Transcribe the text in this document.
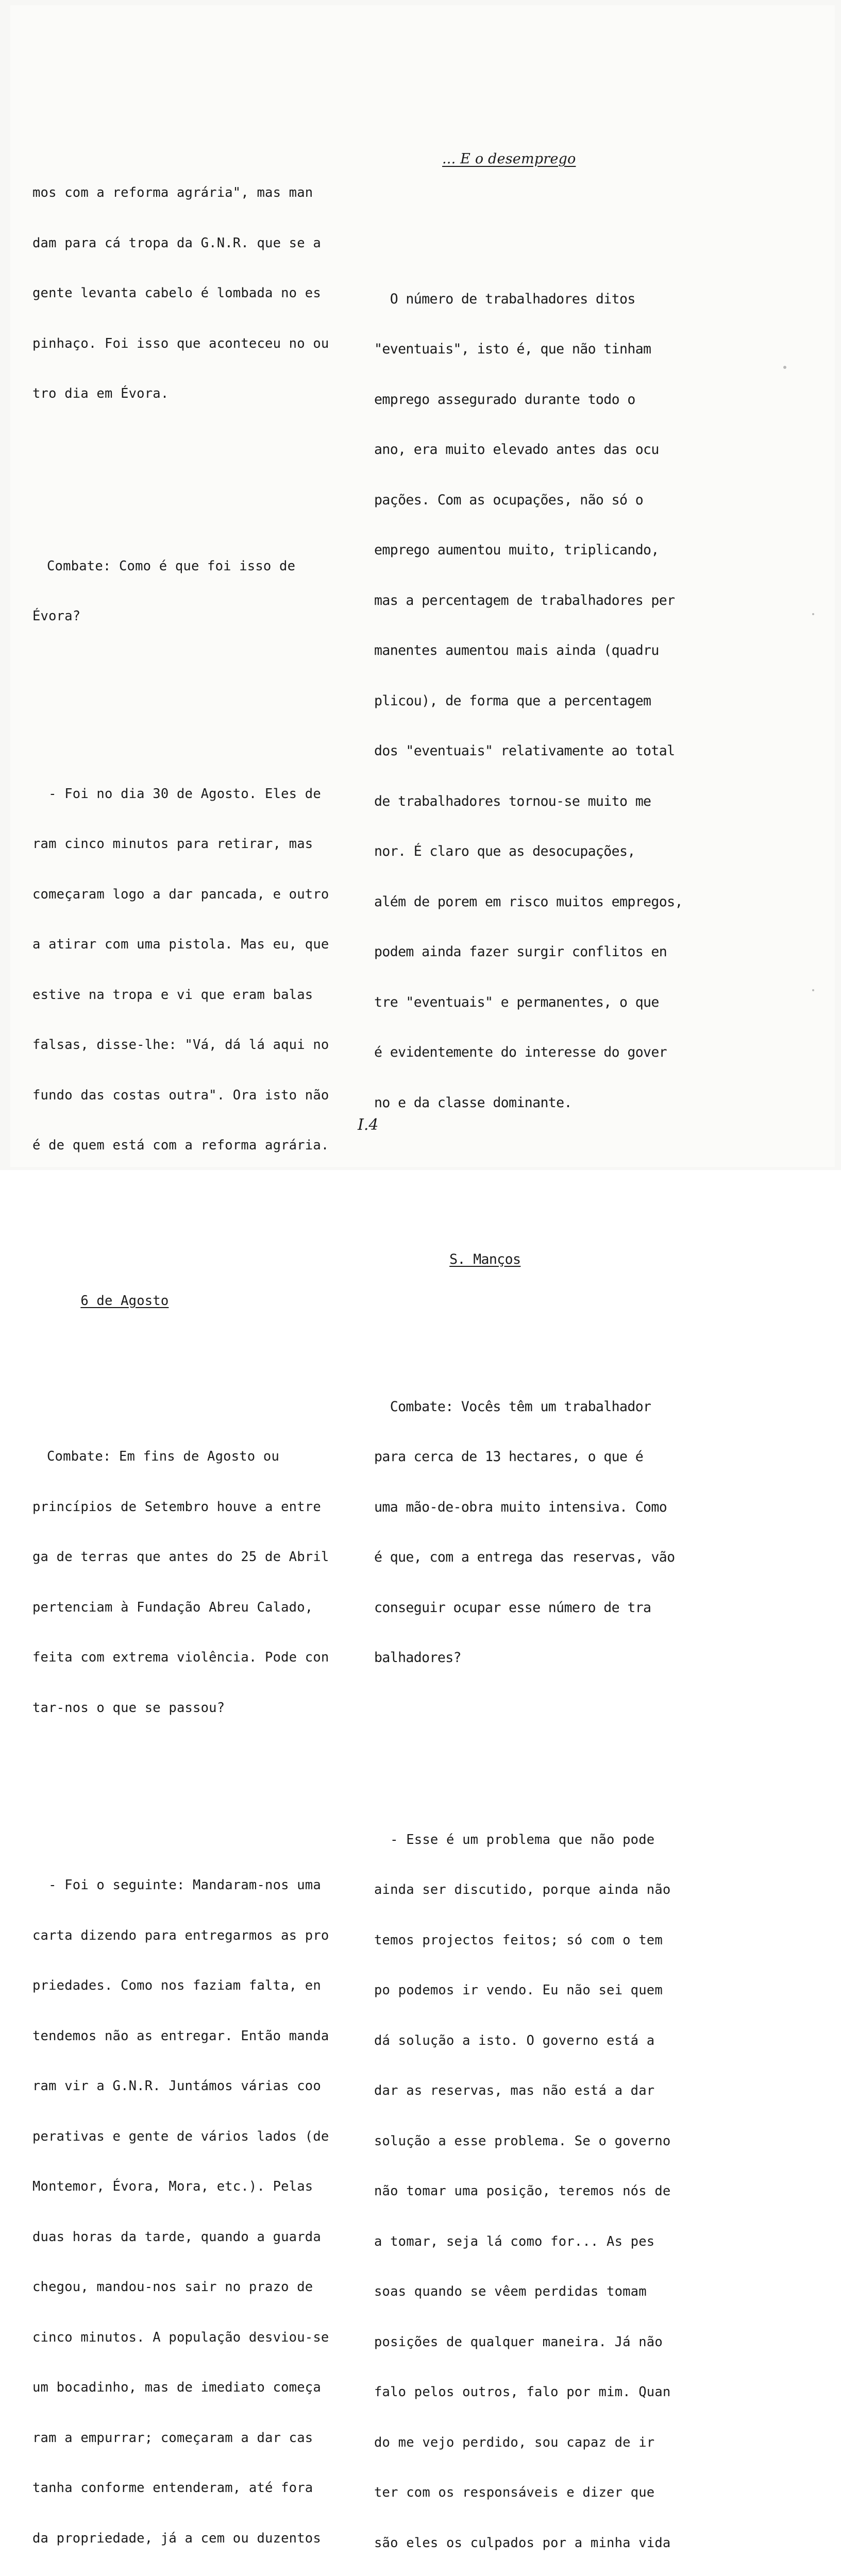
mos com a reforma agrária", mas man

dam para cá tropa da G.N.R. que se a

gente levanta cabelo é lombada no es

pinhaço. Foi isso que aconteceu no ou

tro dia em Évora.

Combate: Como é que foi isso de

Évora?

- Foi no dia 30 de Agosto. Eles de

ram cinco minutos para retirar, mas

começaram logo a dar pancada, e outro

a atirar com uma pistola. Mas eu, que

estive na tropa e vi que eram balas

falsas, disse-lhe: "Vá, dá lá aqui no

fundo das costas outra". Ora isto não

é de quem está com a reforma agrária.

6 de Agosto

Combate: Em fins de Agosto ou

princípios de Setembro houve a entre

ga de terras que antes do 25 de Abril

pertenciam à Fundação Abreu Calado,

feita com extrema violência. Pode con

tar-nos o que se passou?

- Foi o seguinte: Mandaram-nos uma

carta dizendo para entregarmos as pro

priedades. Como nos faziam falta, en

tendemos não as entregar. Então manda

ram vir a G.N.R. Juntámos várias coo

perativas e gente de vários lados (de

Montemor, Évora, Mora, etc.). Pelas

duas horas da tarde, quando a guarda

chegou, mandou-nos sair no prazo de

cinco minutos. A população desviou-se

um bocadinho, mas de imediato começa

ram a empurrar; começaram a dar cas

tanha conforme entenderam, até fora

da propriedade, já a cem ou duzentos

... E o desemprego

O número de trabalhadores ditos

"eventuais", isto é, que não tinham

emprego assegurado durante todo o

ano, era muito elevado antes das ocu

pações. Com as ocupações, não só o

emprego aumentou muito, triplicando,

mas a percentagem de trabalhadores per

manentes aumentou mais ainda (quadru

plicou), de forma que a percentagem

dos "eventuais" relativamente ao total

de trabalhadores tornou-se muito me

nor. É claro que as desocupações,

além de porem em risco muitos empregos,

podem ainda fazer surgir conflitos en

tre "eventuais" e permanentes, o que

é evidentemente do interesse do gover

no e da classe dominante.

S. Manços

Combate: Vocês têm um trabalhador

para cerca de 13 hectares, o que é

uma mão-de-obra muito intensiva. Como

é que, com a entrega das reservas, vão

conseguir ocupar esse número de tra

balhadores?

- Esse é um problema que não pode

ainda ser discutido, porque ainda não

temos projectos feitos; só com o tem

po podemos ir vendo. Eu não sei quem

dá solução a isto. O governo está a

dar as reservas, mas não está a dar

solução a esse problema. Se o governo

não tomar uma posição, teremos nós de

a tomar, seja lá como for... As pes

soas quando se vêem perdidas tomam

posições de qualquer maneira. Já não

falo pelos outros, falo por mim. Quan

do me vejo perdido, sou capaz de ir

ter com os responsáveis e dizer que

são eles os culpados por a minha vida

I.4
